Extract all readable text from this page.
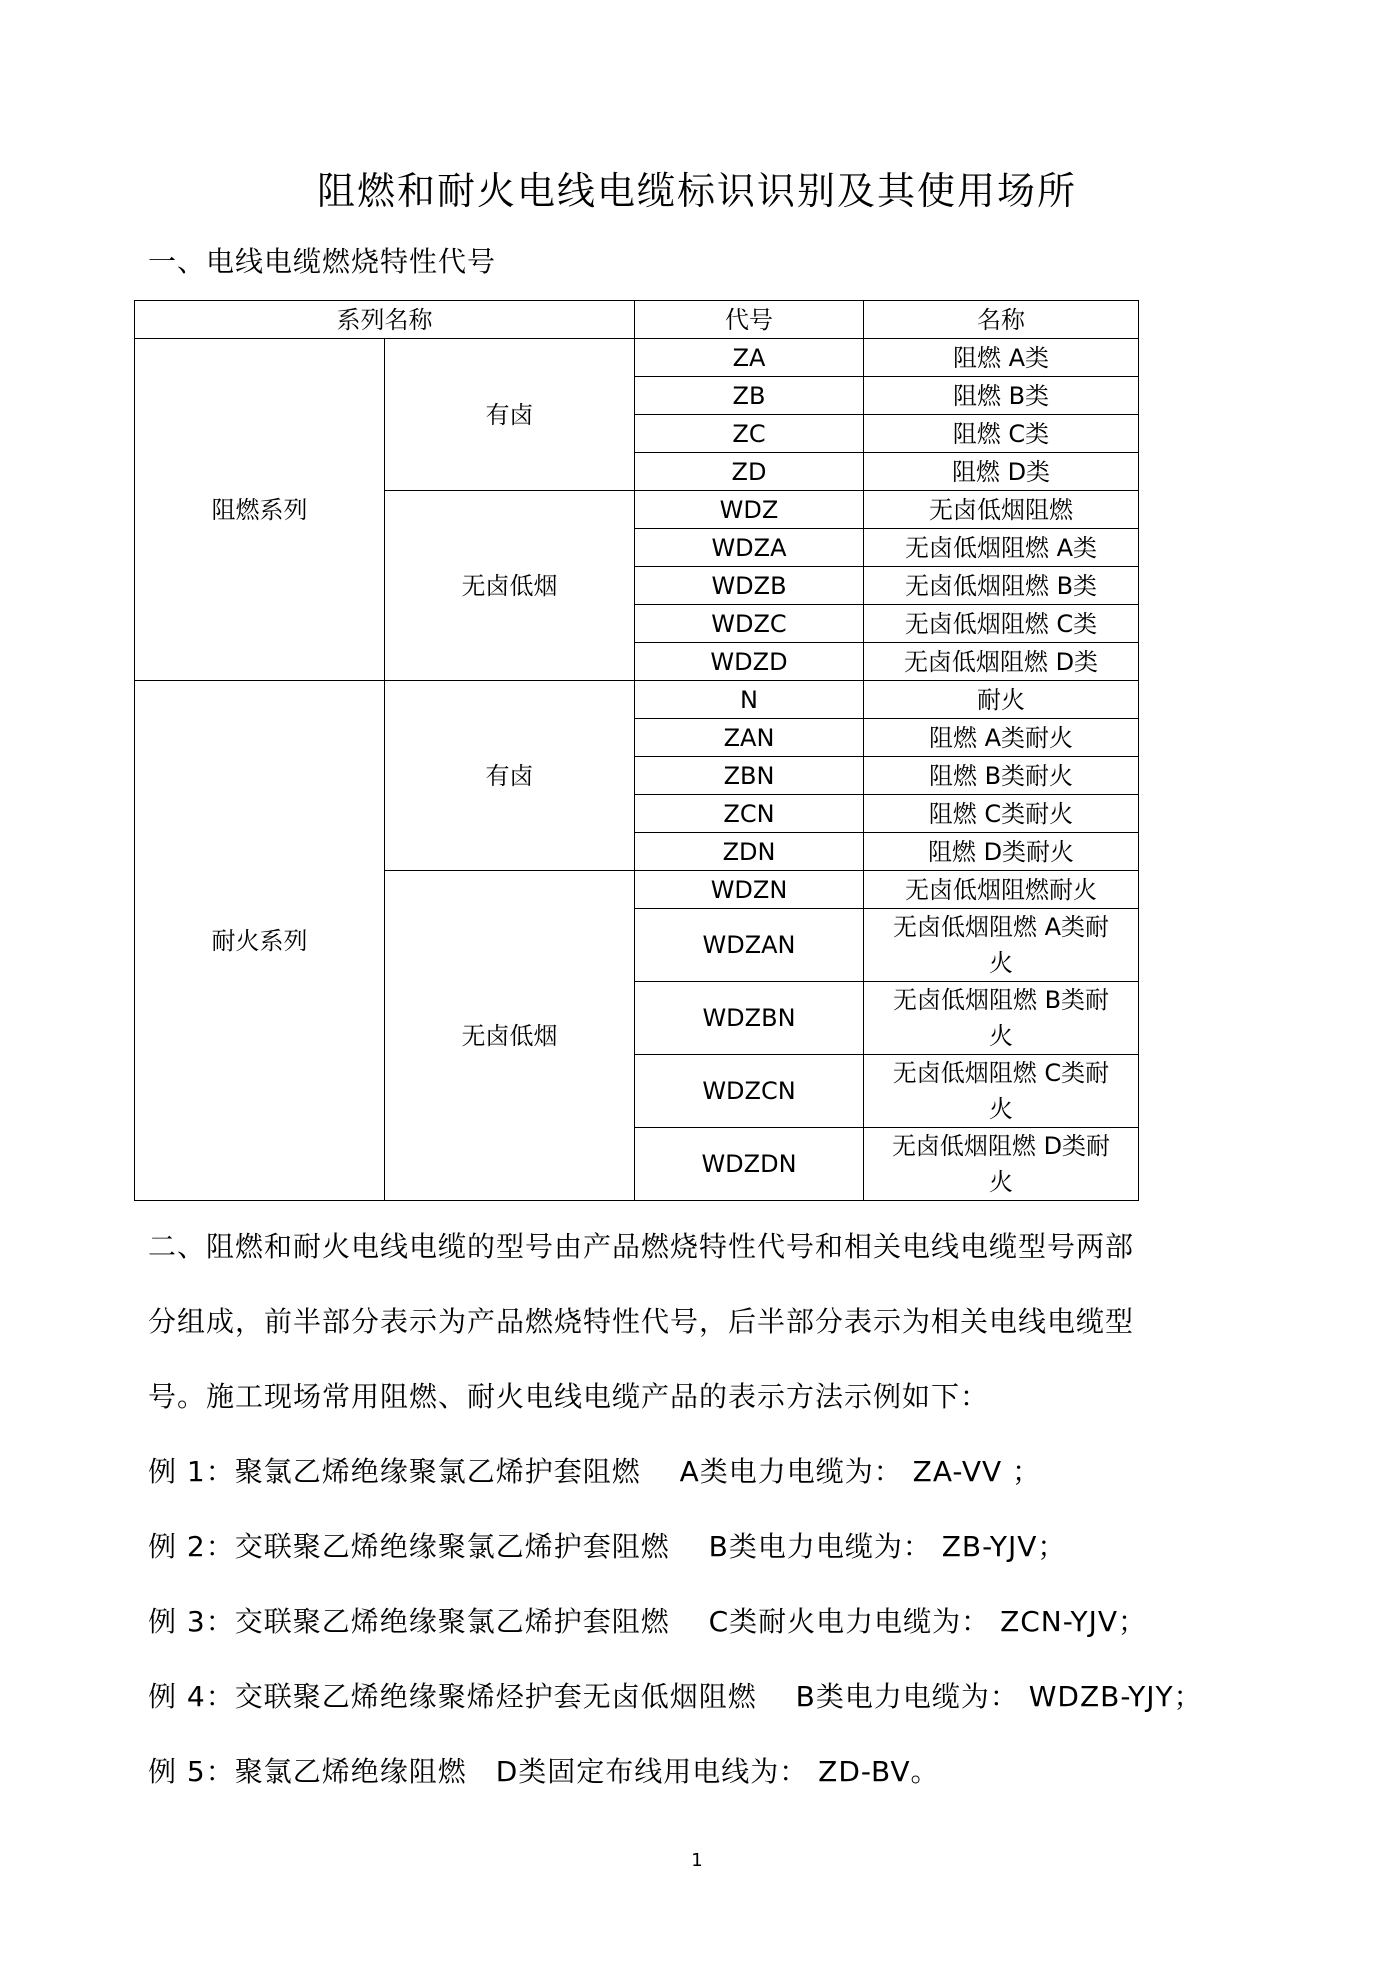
阻燃和耐火电线电缆标识识别及其使用场所
一、电线电缆燃烧特性代号
系列名称		代号	名称
阻燃系列	有卤	ZA	阻燃 A类
		ZB	阻燃 B类
		ZC	阻燃 C类
		ZD	阻燃 D类
	无卤低烟	WDZ	无卤低烟阻燃
		WDZA	无卤低烟阻燃 A类
		WDZB	无卤低烟阻燃 B类
		WDZC	无卤低烟阻燃 C类
		WDZD	无卤低烟阻燃 D类
耐火系列	有卤	N	耐火
		ZAN	阻燃 A类耐火
		ZBN	阻燃 B类耐火
		ZCN	阻燃 C类耐火
		ZDN	阻燃 D类耐火
	无卤低烟	WDZN	无卤低烟阻燃耐火
		WDZAN	无卤低烟阻燃 A类耐
火

		WDZBN	无卤低烟阻燃 B类耐
火

		WDZCN	无卤低烟阻燃 C类耐
火

		WDZDN	无卤低烟阻燃 D类耐
火
二、阻燃和耐火电线电缆的型号由产品燃烧特性代号和相关电线电缆型号两部
分组成，前半部分表示为产品燃烧特性代号，后半部分表示为相关电线电缆型
号。施工现场常用阻燃、耐火电线电缆产品的表示方法示例如下：
例 1：聚氯乙烯绝缘聚氯乙烯护套阻燃　 A类电力电缆为： ZA-VV ；
例 2：交联聚乙烯绝缘聚氯乙烯护套阻燃　 B类电力电缆为： ZB-YJV；
例 3：交联聚乙烯绝缘聚氯乙烯护套阻燃　 C类耐火电力电缆为： ZCN-YJV；
例 4：交联聚乙烯绝缘聚烯烃护套无卤低烟阻燃　 B类电力电缆为： WDZB-YJY；
例 5：聚氯乙烯绝缘阻燃　D类固定布线用电线为： ZD-BV。
1
